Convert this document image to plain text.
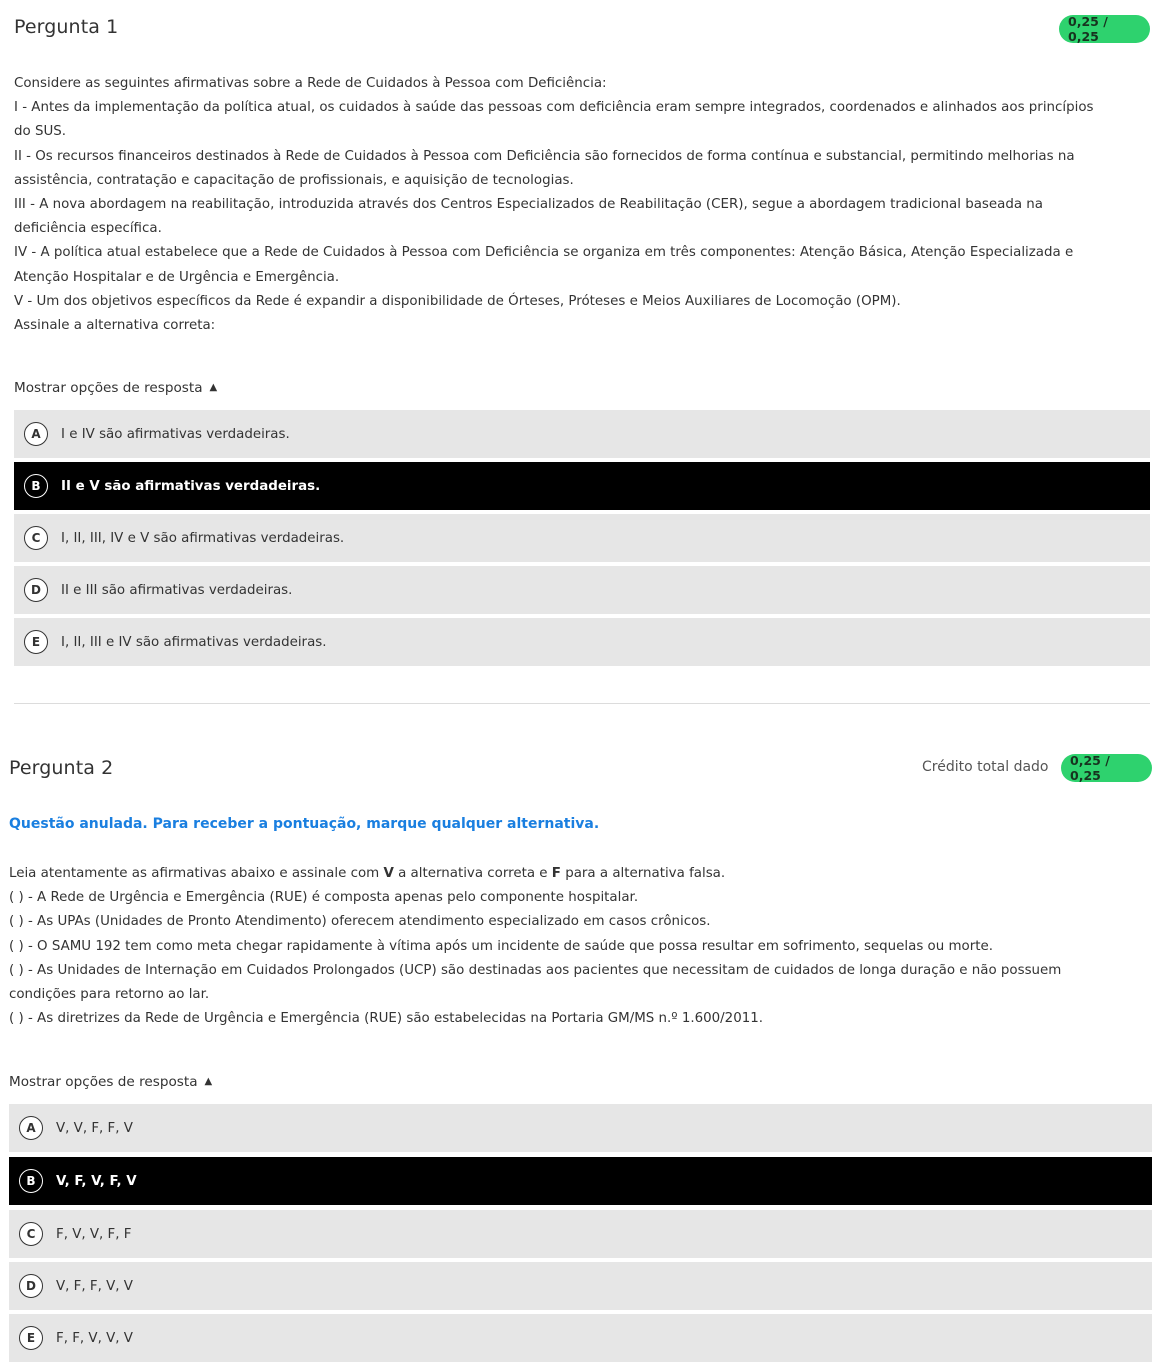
Pergunta 1	0,25 / 0,25

Considere as seguintes afirmativas sobre a Rede de Cuidados à Pessoa com Deficiência:

I - Antes da implementação da política atual, os cuidados à saúde das pessoas com deficiência eram sempre integrados, coordenados e alinhados aos princípios

do SUS.

II - Os recursos financeiros destinados à Rede de Cuidados à Pessoa com Deficiência são fornecidos de forma contínua e substancial, permitindo melhorias na

assistência, contratação e capacitação de profissionais, e aquisição de tecnologias.

III - A nova abordagem na reabilitação, introduzida através dos Centros Especializados de Reabilitação (CER), segue a abordagem tradicional baseada na

deficiência específica.

IV - A política atual estabelece que a Rede de Cuidados à Pessoa com Deficiência se organiza em três componentes: Atenção Básica, Atenção Especializada e

Atenção Hospitalar e de Urgência e Emergência.

V - Um dos objetivos específicos da Rede é expandir a disponibilidade de Órteses, Próteses e Meios Auxiliares de Locomoção (OPM).

Assinale a alternativa correta:

Mostrar opções de resposta ▲
A	I e IV são afirmativas verdadeiras.
B	II e V são afirmativas verdadeiras.
C	I, II, III, IV e V são afirmativas verdadeiras.
D	II e III são afirmativas verdadeiras.
E	I, II, III e IV são afirmativas verdadeiras.
Pergunta 2	Crédito total dado	0,25 / 0,25
Questão anulada. Para receber a pontuação, marque qualquer alternativa.

Leia atentamente as afirmativas abaixo e assinale com V a alternativa correta e F para a alternativa falsa.

( ) - A Rede de Urgência e Emergência (RUE) é composta apenas pelo componente hospitalar.

( ) - As UPAs (Unidades de Pronto Atendimento) oferecem atendimento especializado em casos crônicos.

( ) - O SAMU 192 tem como meta chegar rapidamente à vítima após um incidente de saúde que possa resultar em sofrimento, sequelas ou morte.

( ) - As Unidades de Internação em Cuidados Prolongados (UCP) são destinadas aos pacientes que necessitam de cuidados de longa duração e não possuem

condições para retorno ao lar.

( ) - As diretrizes da Rede de Urgência e Emergência (RUE) são estabelecidas na Portaria GM/MS n.º 1.600/2011.

Mostrar opções de resposta ▲
A	V, V, F, F, V
B	V, F, V, F, V
C	F, V, V, F, F
D	V, F, F, V, V
E	F, F, V, V, V
